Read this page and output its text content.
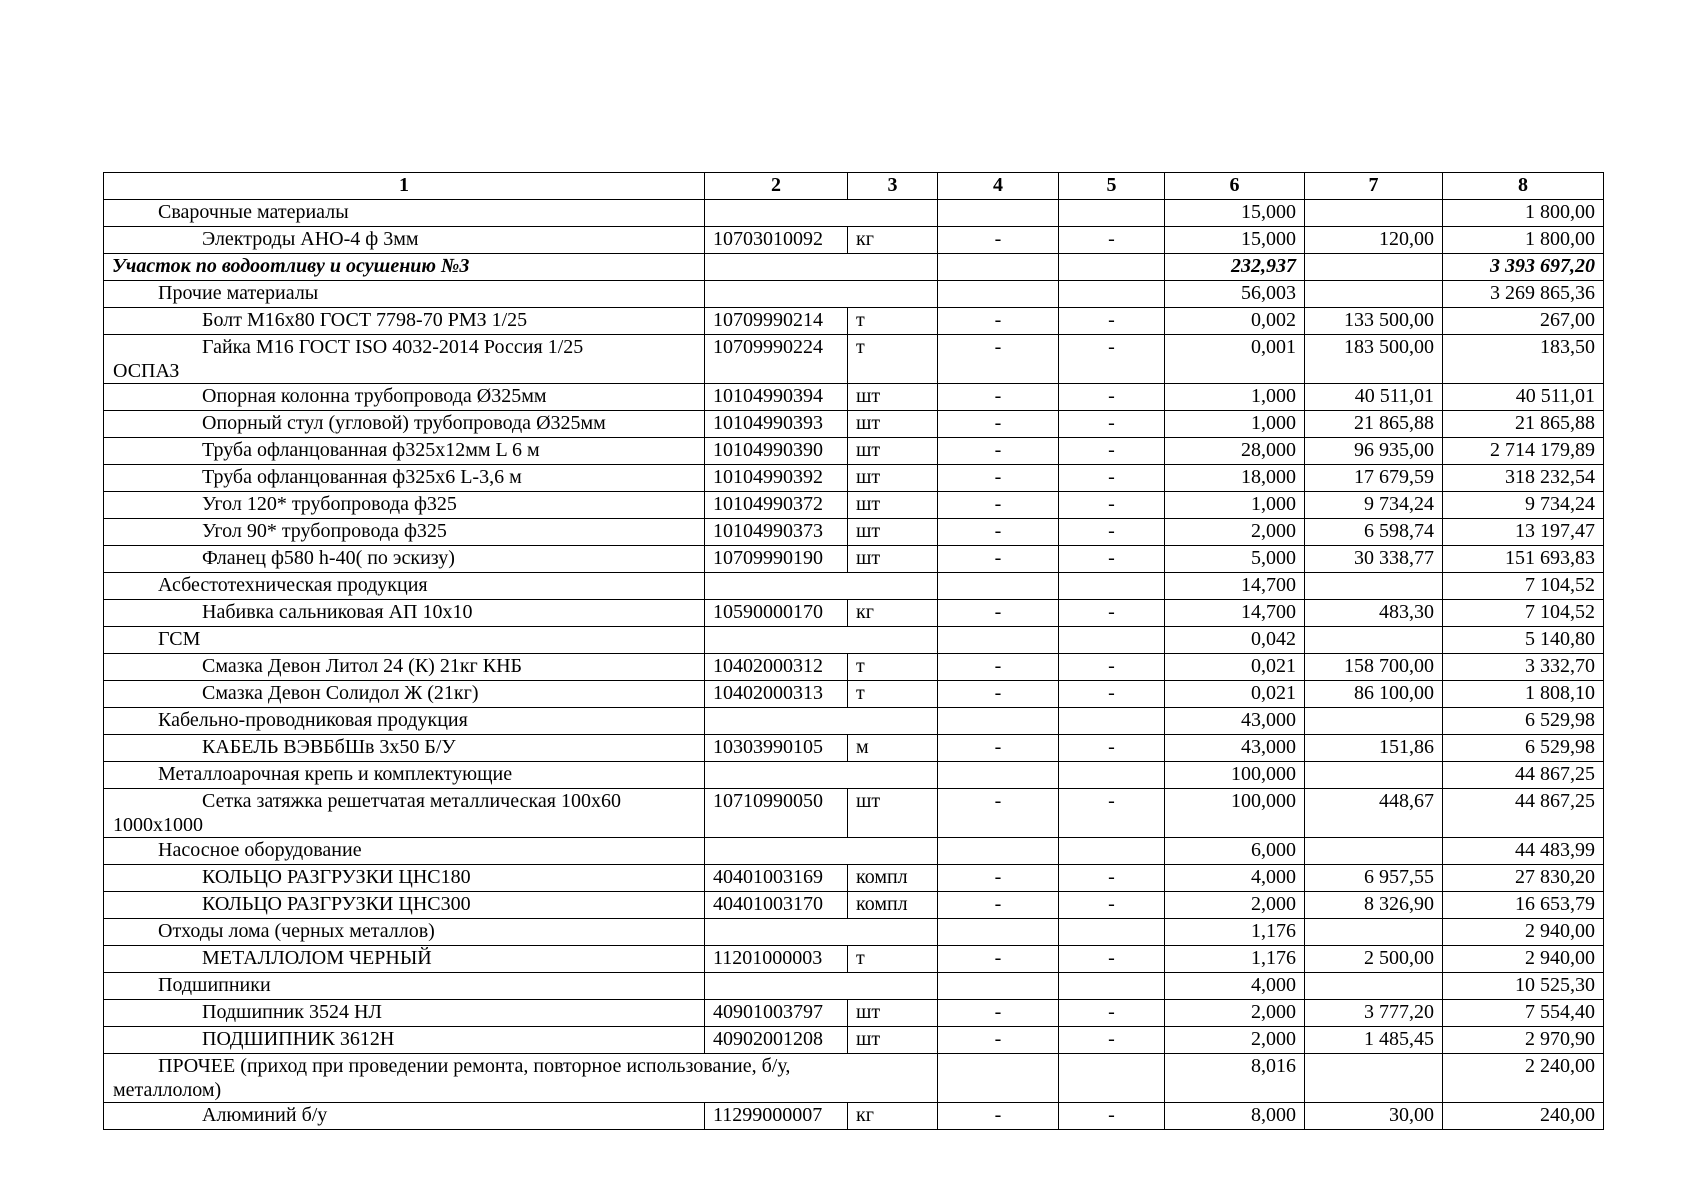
1	2	3	4	5	6	7	8
Сварочные материалы					15,000		1 800,00
Электроды АНО-4 ф 3мм	10703010092	кг	-	-	15,000	120,00	1 800,00
Участок по водоотливу и осушению №3					232,937		3 393 697,20
Прочие материалы					56,003		3 269 865,36
Болт М16х80 ГОСТ 7798-70 РМЗ 1/25	10709990214	т	-	-	0,002	133 500,00	267,00
Гайка М16 ГОСТ ISO 4032-2014 Россия 1/25
ОСПАЗ	10709990224	т	-	-	0,001	183 500,00	183,50
Опорная колонна трубопровода Ø325мм	10104990394	шт	-	-	1,000	40 511,01	40 511,01
Опорный стул (угловой) трубопровода Ø325мм	10104990393	шт	-	-	1,000	21 865,88	21 865,88
Труба офланцованная ф325х12мм L 6 м	10104990390	шт	-	-	28,000	96 935,00	2 714 179,89
Труба офланцованная ф325х6 L-3,6 м	10104990392	шт	-	-	18,000	17 679,59	318 232,54
Угол 120* трубопровода ф325	10104990372	шт	-	-	1,000	9 734,24	9 734,24
Угол 90* трубопровода ф325	10104990373	шт	-	-	2,000	6 598,74	13 197,47
Фланец ф580 h-40( по эскизу)	10709990190	шт	-	-	5,000	30 338,77	151 693,83
Асбестотехническая продукция					14,700		7 104,52
Набивка сальниковая АП 10х10	10590000170	кг	-	-	14,700	483,30	7 104,52
ГСМ					0,042		5 140,80
Смазка Девон Литол 24 (К) 21кг КНБ	10402000312	т	-	-	0,021	158 700,00	3 332,70
Смазка Девон Солидол Ж (21кг)	10402000313	т	-	-	0,021	86 100,00	1 808,10
Кабельно-проводниковая продукция					43,000		6 529,98
КАБЕЛЬ ВЭВБбШв 3х50 Б/У	10303990105	м	-	-	43,000	151,86	6 529,98
Металлоарочная крепь и комплектующие					100,000		44 867,25
Сетка затяжка решетчатая металлическая 100х60
1000х1000	10710990050	шт	-	-	100,000	448,67	44 867,25
Насосное оборудование					6,000		44 483,99
КОЛЬЦО РАЗГРУЗКИ ЦНС180	40401003169	компл	-	-	4,000	6 957,55	27 830,20
КОЛЬЦО РАЗГРУЗКИ ЦНС300	40401003170	компл	-	-	2,000	8 326,90	16 653,79
Отходы лома (черных металлов)					1,176		2 940,00
МЕТАЛЛОЛОМ ЧЕРНЫЙ	11201000003	т	-	-	1,176	2 500,00	2 940,00
Подшипники					4,000		10 525,30
Подшипник 3524 НЛ	40901003797	шт	-	-	2,000	3 777,20	7 554,40
ПОДШИПНИК 3612Н	40902001208	шт	-	-	2,000	1 485,45	2 970,90
ПРОЧЕЕ (приход при проведении ремонта, повторное использование, б/у,
металлолом)					8,016		2 240,00
Алюминий б/у	11299000007	кг	-	-	8,000	30,00	240,00
